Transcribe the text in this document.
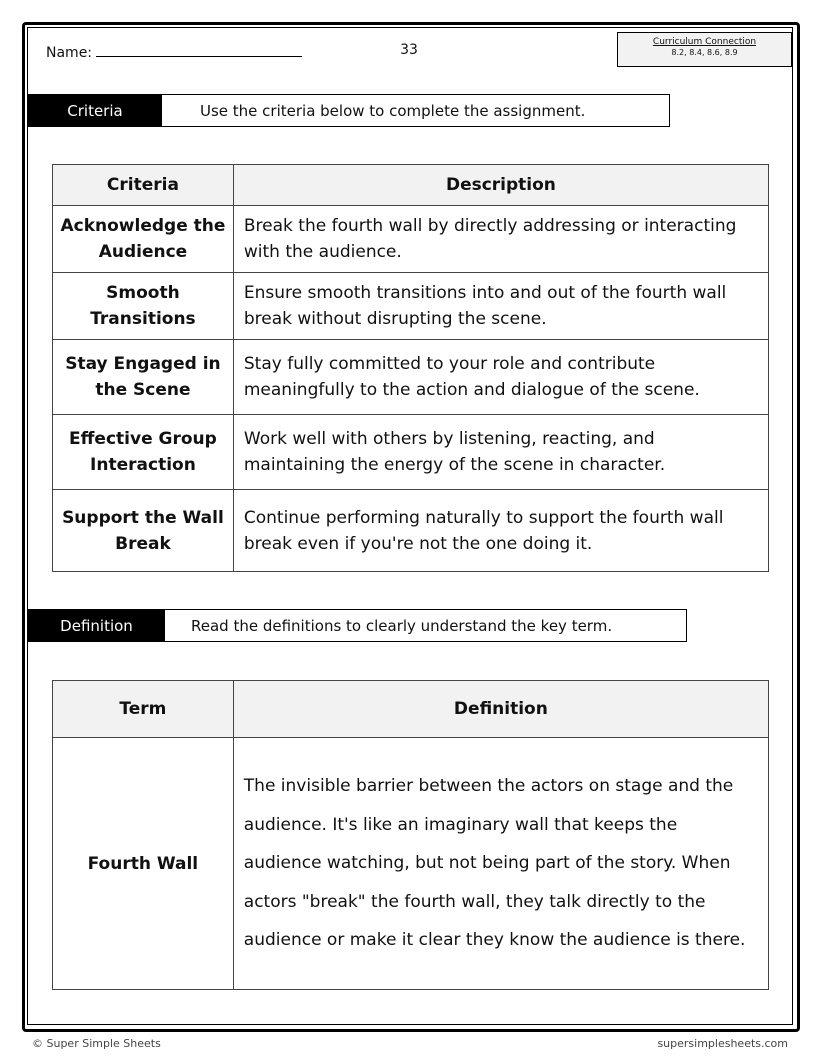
Name:	33	Curriculum Connection
8.2, 8.4, 8.6, 8.9
Criteria	Use the criteria below to complete the assignment.
Criteria	Description
Acknowledge the Audience	Break the fourth wall by directly addressing or interacting with the audience.
Smooth Transitions	Ensure smooth transitions into and out of the fourth wall break without disrupting the scene.
Stay Engaged in the Scene	Stay fully committed to your role and contribute meaningfully to the action and dialogue of the scene.
Effective Group Interaction	Work well with others by listening, reacting, and maintaining the energy of the scene in character.
Support the Wall Break	Continue performing naturally to support the fourth wall break even if you're not the one doing it.
Definition	Read the definitions to clearly understand the key term.
Term	Definition
Fourth Wall	The invisible barrier between the actors on stage and the audience. It's like an imaginary wall that keeps the audience watching, but not being part of the story. When actors "break" the fourth wall, they talk directly to the audience or make it clear they know the audience is there.
© Super Simple Sheets	supersimplesheets.com
